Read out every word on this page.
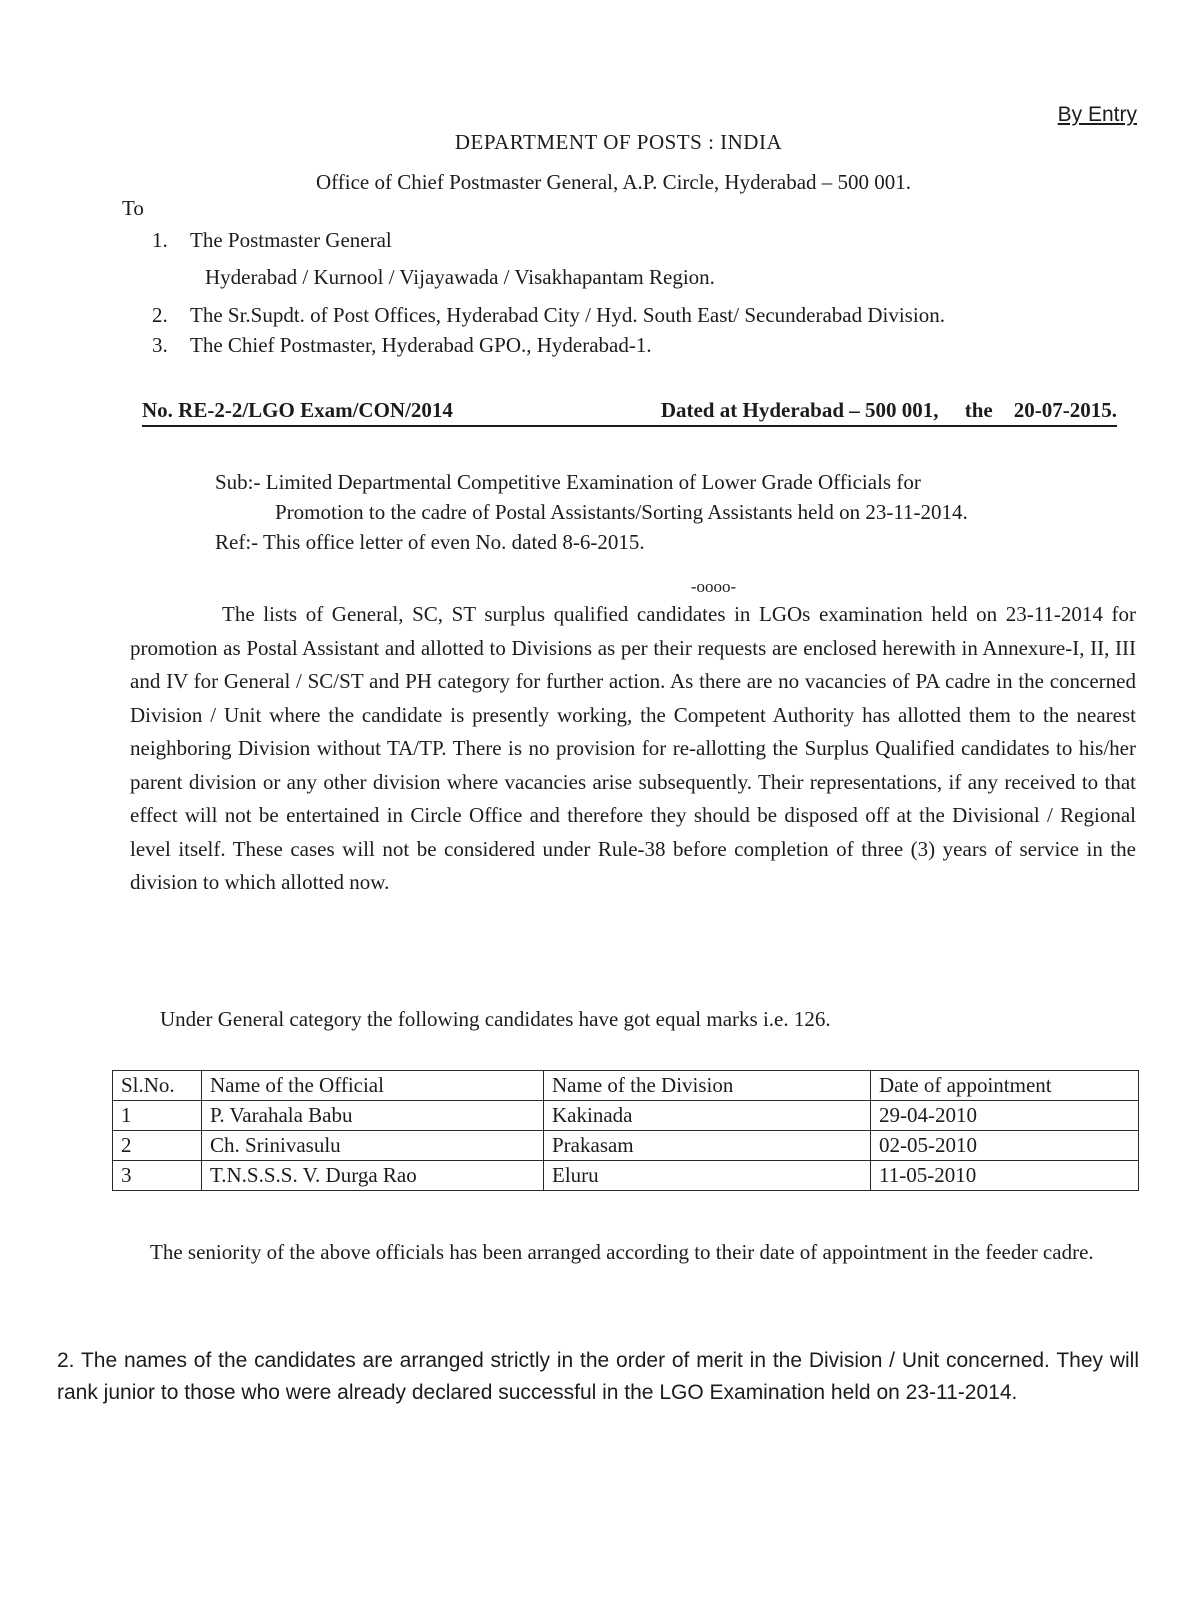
By Entry
DEPARTMENT OF POSTS : INDIA
Office of Chief Postmaster General, A.P. Circle, Hyderabad – 500 001.
To
1. The Postmaster General
Hyderabad / Kurnool / Vijayawada / Visakhapantam Region.
2. The Sr.Supdt. of Post Offices, Hyderabad City / Hyd. South East/ Secunderabad Division.
3. The Chief Postmaster, Hyderabad GPO., Hyderabad-1.
No. RE-2-2/LGO Exam/CON/2014	Dated at Hyderabad – 500 001, the 20-07-2015.
Sub:- Limited Departmental Competitive Examination of Lower Grade Officials for
Promotion to the cadre of Postal Assistants/Sorting Assistants held on 23-11-2014.
Ref:- This office letter of even No. dated 8-6-2015.
-oooo-
The lists of General, SC, ST surplus qualified candidates in LGOs examination held on 23-11-2014 for promotion as Postal Assistant and allotted to Divisions as per their requests are enclosed herewith in Annexure-I, II, III and IV for General / SC/ST and PH category for further action. As there are no vacancies of PA cadre in the concerned Division / Unit where the candidate is presently working, the Competent Authority has allotted them to the nearest neighboring Division without TA/TP. There is no provision for re-allotting the Surplus Qualified candidates to his/her parent division or any other division where vacancies arise subsequently. Their representations, if any received to that effect will not be entertained in Circle Office and therefore they should be disposed off at the Divisional / Regional level itself. These cases will not be considered under Rule-38 before completion of three (3) years of service in the division to which allotted now.
Under General category the following candidates have got equal marks i.e. 126.
Sl.No.	Name of the Official	Name of the Division	Date of appointment
1	P. Varahala Babu	Kakinada	29-04-2010
2	Ch. Srinivasulu	Prakasam	02-05-2010
3	T.N.S.S.S. V. Durga Rao	Eluru	11-05-2010
The seniority of the above officials has been arranged according to their date of appointment in the feeder cadre.
2. The names of the candidates are arranged strictly in the order of merit in the Division / Unit concerned. They will rank junior to those who were already declared successful in the LGO Examination held on 23-11-2014.
